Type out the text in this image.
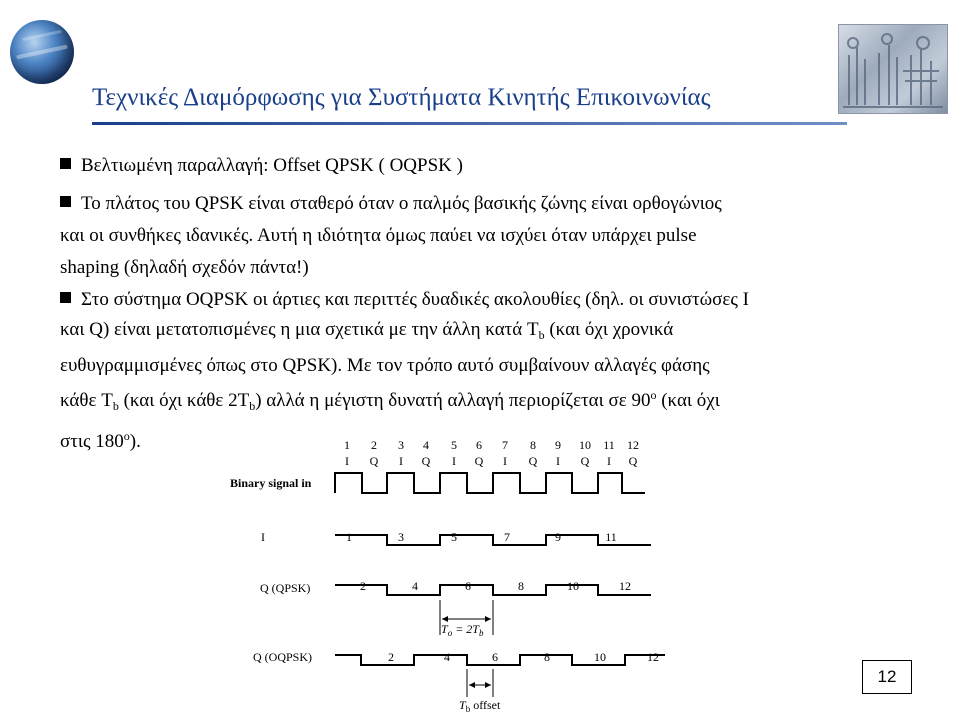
Τεχνικές Διαμόρφωσης για Συστήματα Κινητής Επικοινωνίας
Βελτιωμένη παραλλαγή: Offset QPSK ( OQPSK )
Το πλάτος του QPSK είναι σταθερό όταν ο παλμός βασικής ζώνης είναι ορθογώνιος
και οι συνθήκες ιδανικές. Αυτή η ιδιότητα όμως παύει να ισχύει όταν υπάρχει pulse
shaping (δηλαδή σχεδόν πάντα!)
Στο σύστημα OQPSK οι άρτιες και περιττές δυαδικές ακολουθίες (δηλ. οι συνιστώσες I
και Q) είναι μετατοπισμένες η μια σχετικά με την άλλη κατά $T_b$ (και όχι χρονικά
ευθυγραμμισμένες όπως στο QPSK). Με τον τρόπο αυτό συμβαίνουν αλλαγές φάσης
κάθε $T_b$ (και όχι κάθε $2T_b$) αλλά η μέγιστη δυνατή αλλαγή περιορίζεται σε $90^o$ (και όχι
στις $180^o$).	1 2 3 4 5 6 7 8 9 10 11 12
I Q I Q I Q I Q I Q I Q
Binary signal in
I	1	3	5	7	9	11
Q (QPSK)	2	4	6	8	10	12
$T_o = 2T_b$
Q (OQPSK)	2	4	6	8	10	12
$T_b$ offset
12
